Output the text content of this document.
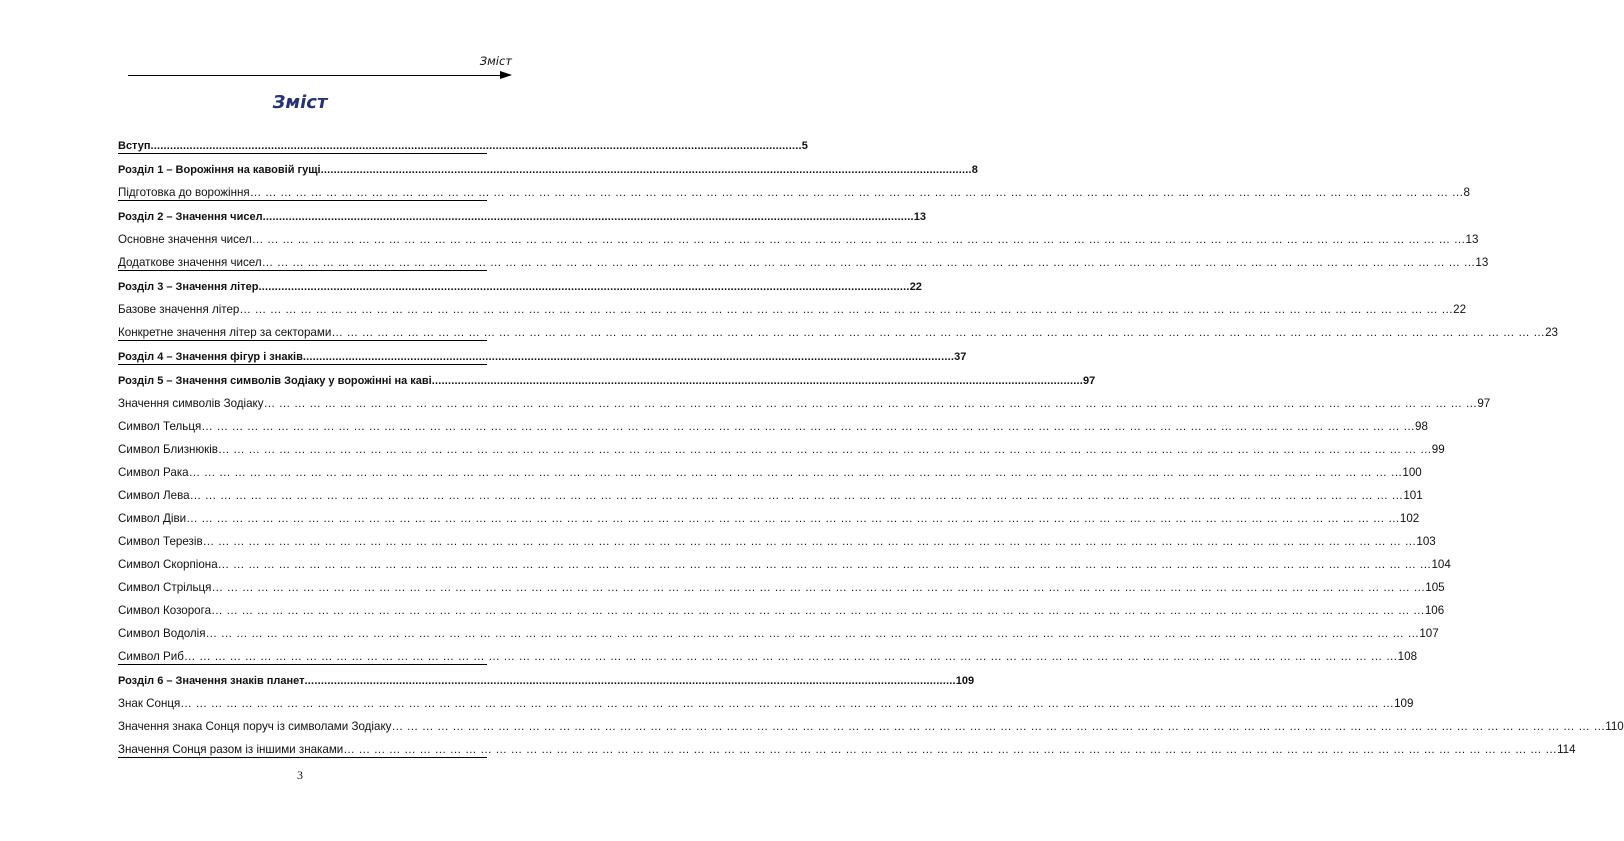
Зміст
Зміст
Вступ ........................................................................................................................................................................................................ 5
Розділ 1 – Ворожіння на кавовій гущі ........................................................................................................................................................................................................ 8
Підготовка до ворожіння … … … … … … … … … … … … … … … … … … … … … … … … … … … … … … … … … … … … … … … … … … … … … … … … … … … … … … … … … … … … … … … … … … … … … … … … … … … … … … … … 8
Розділ 2 – Значення чисел ........................................................................................................................................................................................................ 13
Основне значення чисел … … … … … … … … … … … … … … … … … … … … … … … … … … … … … … … … … … … … … … … … … … … … … … … … … … … … … … … … … … … … … … … … … … … … … … … … … … … … … … … … 13
Додаткове значення чисел … … … … … … … … … … … … … … … … … … … … … … … … … … … … … … … … … … … … … … … … … … … … … … … … … … … … … … … … … … … … … … … … … … … … … … … … … … … … … … … … 13
Розділ 3 – Значення літер ........................................................................................................................................................................................................ 22
Базове значення літер … … … … … … … … … … … … … … … … … … … … … … … … … … … … … … … … … … … … … … … … … … … … … … … … … … … … … … … … … … … … … … … … … … … … … … … … … … … … … … … … 22
Конкретне значення літер за секторами … … … … … … … … … … … … … … … … … … … … … … … … … … … … … … … … … … … … … … … … … … … … … … … … … … … … … … … … … … … … … … … … … … … … … … … … … … … … … … … … 23
Розділ 4 – Значення фігур і знаків ........................................................................................................................................................................................................ 37
Розділ 5 – Значення символів Зодіаку у ворожінні на каві ........................................................................................................................................................................................................ 97
Значення символів Зодіаку … … … … … … … … … … … … … … … … … … … … … … … … … … … … … … … … … … … … … … … … … … … … … … … … … … … … … … … … … … … … … … … … … … … … … … … … … … … … … … … … 97
Символ Тельця … … … … … … … … … … … … … … … … … … … … … … … … … … … … … … … … … … … … … … … … … … … … … … … … … … … … … … … … … … … … … … … … … … … … … … … … … … … … … … … … 98
Символ Близнюків … … … … … … … … … … … … … … … … … … … … … … … … … … … … … … … … … … … … … … … … … … … … … … … … … … … … … … … … … … … … … … … … … … … … … … … … … … … … … … … … 99
Символ Рака … … … … … … … … … … … … … … … … … … … … … … … … … … … … … … … … … … … … … … … … … … … … … … … … … … … … … … … … … … … … … … … … … … … … … … … … … … … … … … … … 100
Символ Лева … … … … … … … … … … … … … … … … … … … … … … … … … … … … … … … … … … … … … … … … … … … … … … … … … … … … … … … … … … … … … … … … … … … … … … … … … … … … … … … … 101
Символ Діви … … … … … … … … … … … … … … … … … … … … … … … … … … … … … … … … … … … … … … … … … … … … … … … … … … … … … … … … … … … … … … … … … … … … … … … … … … … … … … … … 102
Символ Терезів … … … … … … … … … … … … … … … … … … … … … … … … … … … … … … … … … … … … … … … … … … … … … … … … … … … … … … … … … … … … … … … … … … … … … … … … … … … … … … … … 103
Символ Скорпіона … … … … … … … … … … … … … … … … … … … … … … … … … … … … … … … … … … … … … … … … … … … … … … … … … … … … … … … … … … … … … … … … … … … … … … … … … … … … … … … … 104
Символ Стрільця … … … … … … … … … … … … … … … … … … … … … … … … … … … … … … … … … … … … … … … … … … … … … … … … … … … … … … … … … … … … … … … … … … … … … … … … … … … … … … … … 105
Символ Козорога … … … … … … … … … … … … … … … … … … … … … … … … … … … … … … … … … … … … … … … … … … … … … … … … … … … … … … … … … … … … … … … … … … … … … … … … … … … … … … … … 106
Символ Водолія … … … … … … … … … … … … … … … … … … … … … … … … … … … … … … … … … … … … … … … … … … … … … … … … … … … … … … … … … … … … … … … … … … … … … … … … … … … … … … … … 107
Символ Риб … … … … … … … … … … … … … … … … … … … … … … … … … … … … … … … … … … … … … … … … … … … … … … … … … … … … … … … … … … … … … … … … … … … … … … … … … … … … … … … … 108
Розділ 6 – Значення знаків планет ........................................................................................................................................................................................................ 109
Знак Сонця … … … … … … … … … … … … … … … … … … … … … … … … … … … … … … … … … … … … … … … … … … … … … … … … … … … … … … … … … … … … … … … … … … … … … … … … … … … … … … … … 109
Значення знака Сонця поруч із символами Зодіаку … … … … … … … … … … … … … … … … … … … … … … … … … … … … … … … … … … … … … … … … … … … … … … … … … … … … … … … … … … … … … … … … … … … … … … … … … … … … … … … … 110
Значення Сонця разом із іншими знаками … … … … … … … … … … … … … … … … … … … … … … … … … … … … … … … … … … … … … … … … … … … … … … … … … … … … … … … … … … … … … … … … … … … … … … … … … … … … … … … … 114
3
